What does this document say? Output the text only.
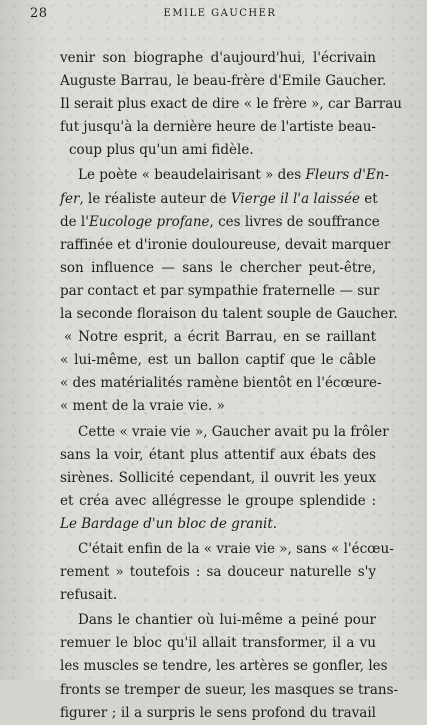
28	EMILE GAUCHER
venir son biographe d'aujourd'hui, l'écrivain
Auguste Barrau, le beau-frère d'Emile Gaucher.
Il serait plus exact de dire « le frère », car Barrau
fut jusqu'à la dernière heure de l'artiste beau-
coup plus qu'un ami fidèle.
Le poète « beaudelairisant » des Fleurs d'En-
fer, le réaliste auteur de Vierge il l'a laissée et
de l'Eucologe profane, ces livres de souffrance
raffinée et d'ironie douloureuse, devait marquer
son influence — sans le chercher peut-être,
par contact et par sympathie fraternelle — sur
la seconde floraison du talent souple de Gaucher.
« Notre esprit, a écrit Barrau, en se raillant
« lui-même, est un ballon captif que le câble
« des matérialités ramène bientôt en l'écœure-
« ment de la vraie vie. »
Cette « vraie vie », Gaucher avait pu la frôler
sans la voir, étant plus attentif aux ébats des
sirènes. Sollicité cependant, il ouvrit les yeux
et créa avec allégresse le groupe splendide :
Le Bardage d'un bloc de granit.
C'était enfin de la « vraie vie », sans « l'écœu-
rement » toutefois : sa douceur naturelle s'y
refusait.
Dans le chantier où lui-même a peiné pour
remuer le bloc qu'il allait transformer, il a vu
les muscles se tendre, les artères se gonfler, les
fronts se tremper de sueur, les masques se trans-
figurer ; il a surpris le sens profond du travail
